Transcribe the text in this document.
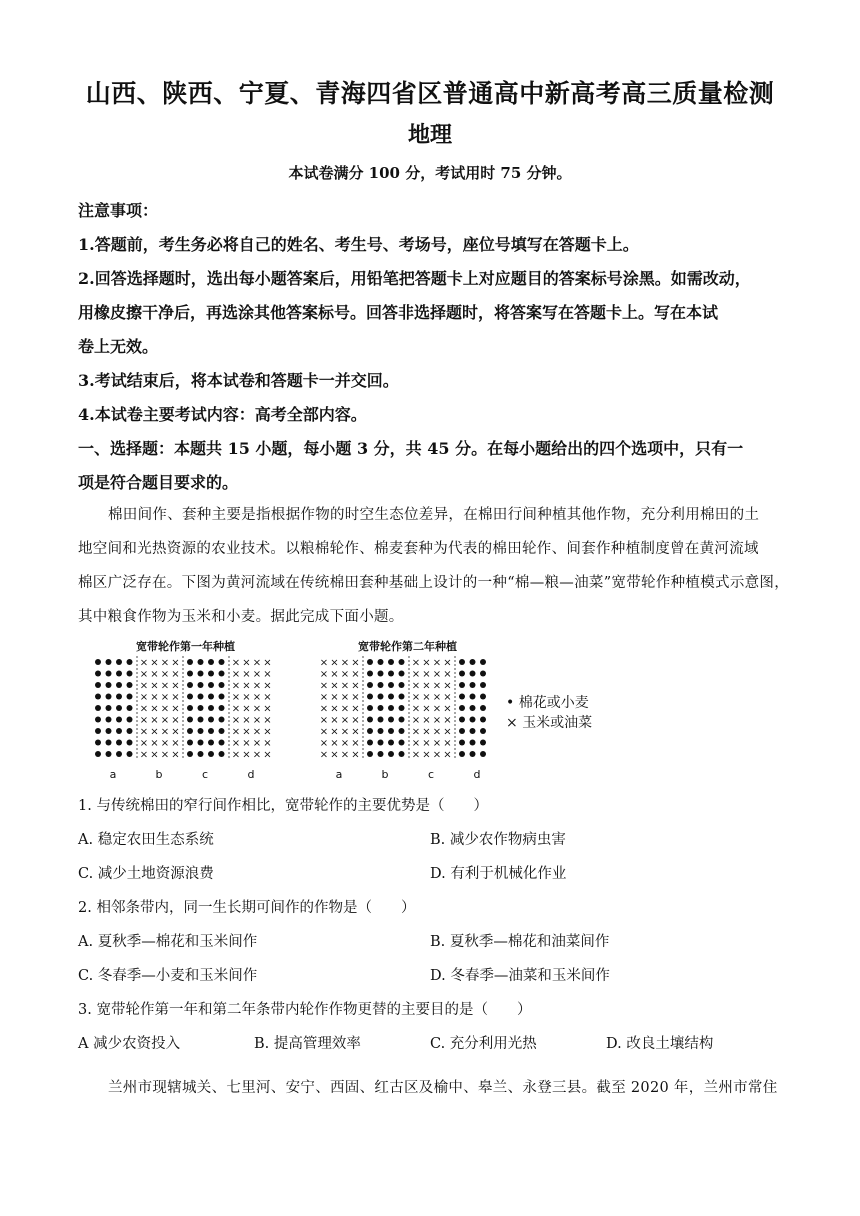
山西、陕西、宁夏、青海四省区普通高中新高考高三质量检测
地理
本试卷满分 100 分，考试用时 75 分钟。
注意事项：
1.答题前，考生务必将自己的姓名、考生号、考场号，座位号填写在答题卡上。
2.回答选择题时，选出每小题答案后，用铅笔把答题卡上对应题目的答案标号涂黑。如需改动，
用橡皮擦干净后，再选涂其他答案标号。回答非选择题时，将答案写在答题卡上。写在本试
卷上无效。
3.考试结束后，将本试卷和答题卡一并交回。
4.本试卷主要考试内容：高考全部内容。
一、选择题：本题共 15 小题，每小题 3 分，共 45 分。在每小题给出的四个选项中，只有一
项是符合题目要求的。
棉田间作、套种主要是指根据作物的时空生态位差异，在棉田行间种植其他作物，充分利用棉田的土
地空间和光热资源的农业技术。以粮棉轮作、棉麦套种为代表的棉田轮作、间套作种植制度曾在黄河流域
棉区广泛存在。下图为黄河流域在传统棉田套种基础上设计的一种“棉—粮—油菜”宽带轮作种植模式示意图，
其中粮食作物为玉米和小麦。据此完成下面小题。
宽带轮作第一年种植	宽带轮作第二年种植
a
× × × ×
× × × ×
× × × ×
× × × ×
× × × ×
× × × ×
× × × ×
× × × ×
× × × ×
b	c
× × × ×
× × × ×
× × × ×
× × × ×
× × × ×
× × × ×
× × × ×
× × × ×
× × × ×
d
× × × ×
× × × ×
× × × ×
× × × ×
× × × ×
× × × ×
× × × ×
× × × ×
× × × ×
a	b
× × × ×
× × × ×
× × × ×
× × × ×
× × × ×
× × × ×
× × × ×
× × × ×
× × × ×
c	d
• 棉花或小麦
× 玉米或油菜
1. 与传统棉田的窄行间作相比，宽带轮作的主要优势是（　　）
A. 稳定农田生态系统	B. 减少农作物病虫害
C. 减少土地资源浪费	D. 有利于机械化作业
2. 相邻条带内，同一生长期可间作的作物是（　　）
A. 夏秋季—棉花和玉米间作	B. 夏秋季—棉花和油菜间作
C. 冬春季—小麦和玉米间作	D. 冬春季—油菜和玉米间作
3. 宽带轮作第一年和第二年条带内轮作作物更替的主要目的是（　　）
A 减少农资投入	B. 提高管理效率	C. 充分利用光热	D. 改良土壤结构
兰州市现辖城关、七里河、安宁、西固、红古区及榆中、皋兰、永登三县。截至 2020 年，兰州市常住
